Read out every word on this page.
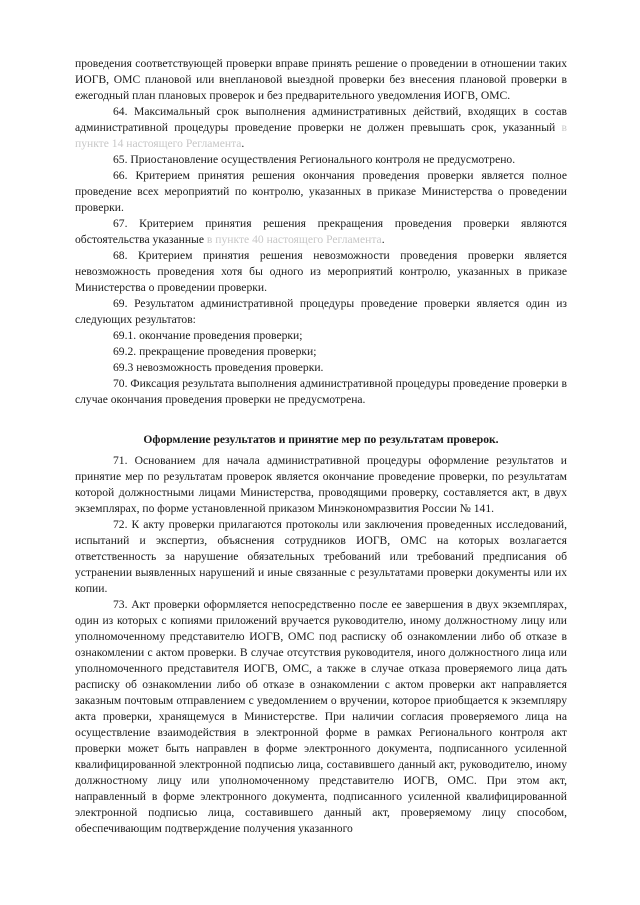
проведения соответствующей проверки вправе принять решение о проведении в отношении таких ИОГВ, ОМС плановой или внеплановой выездной проверки без внесения плановой проверки в ежегодный план плановых проверок и без предварительного уведомления ИОГВ, ОМС.

64. Максимальный срок выполнения административных действий, входящих в состав административной процедуры проведение проверки не должен превышать срок, указанный в пункте 14 настоящего Регламента.

65. Приостановление осуществления Регионального контроля не предусмотрено.

66. Критерием принятия решения окончания проведения проверки является полное проведение всех мероприятий по контролю, указанных в приказе Министерства о проведении проверки.

67. Критерием принятия решения прекращения проведения проверки являются обстоятельства указанные в пункте 40 настоящего Регламента.

68. Критерием принятия решения невозможности проведения проверки является невозможность проведения хотя бы одного из мероприятий контролю, указанных в приказе Министерства о проведении проверки.

69. Результатом административной процедуры проведение проверки является один из следующих результатов:

69.1. окончание проведения проверки;

69.2. прекращение проведения проверки;

69.3 невозможность проведения проверки.

70. Фиксация результата выполнения административной процедуры проведение проверки в случае окончания проведения проверки не предусмотрена.

Оформление результатов и принятие мер по результатам проверок.

71. Основанием для начала административной процедуры оформление результатов и принятие мер по результатам проверок является окончание проведение проверки, по результатам которой должностными лицами Министерства, проводящими проверку, составляется акт, в двух экземплярах, по форме установленной приказом Минэкономразвития России № 141.

72. К акту проверки прилагаются протоколы или заключения проведенных исследований, испытаний и экспертиз, объяснения сотрудников ИОГВ, ОМС на которых возлагается ответственность за нарушение обязательных требований или требований предписания об устранении выявленных нарушений и иные связанные с результатами проверки документы или их копии.

73. Акт проверки оформляется непосредственно после ее завершения в двух экземплярах, один из которых с копиями приложений вручается руководителю, иному должностному лицу или уполномоченному представителю ИОГВ, ОМС под расписку об ознакомлении либо об отказе в ознакомлении с актом проверки. В случае отсутствия руководителя, иного должностного лица или уполномоченного представителя ИОГВ, ОМС, а также в случае отказа проверяемого лица дать расписку об ознакомлении либо об отказе в ознакомлении с актом проверки акт направляется заказным почтовым отправлением с уведомлением о вручении, которое приобщается к экземпляру акта проверки, хранящемуся в Министерстве. При наличии согласия проверяемого лица на осуществление взаимодействия в электронной форме в рамках Регионального контроля акт проверки может быть направлен в форме электронного документа, подписанного усиленной квалифицированной электронной подписью лица, составившего данный акт, руководителю, иному должностному лицу или уполномоченному представителю ИОГВ, ОМС. При этом акт, направленный в форме электронного документа, подписанного усиленной квалифицированной электронной подписью лица, составившего данный акт, проверяемому лицу способом, обеспечивающим подтверждение получения указанного
